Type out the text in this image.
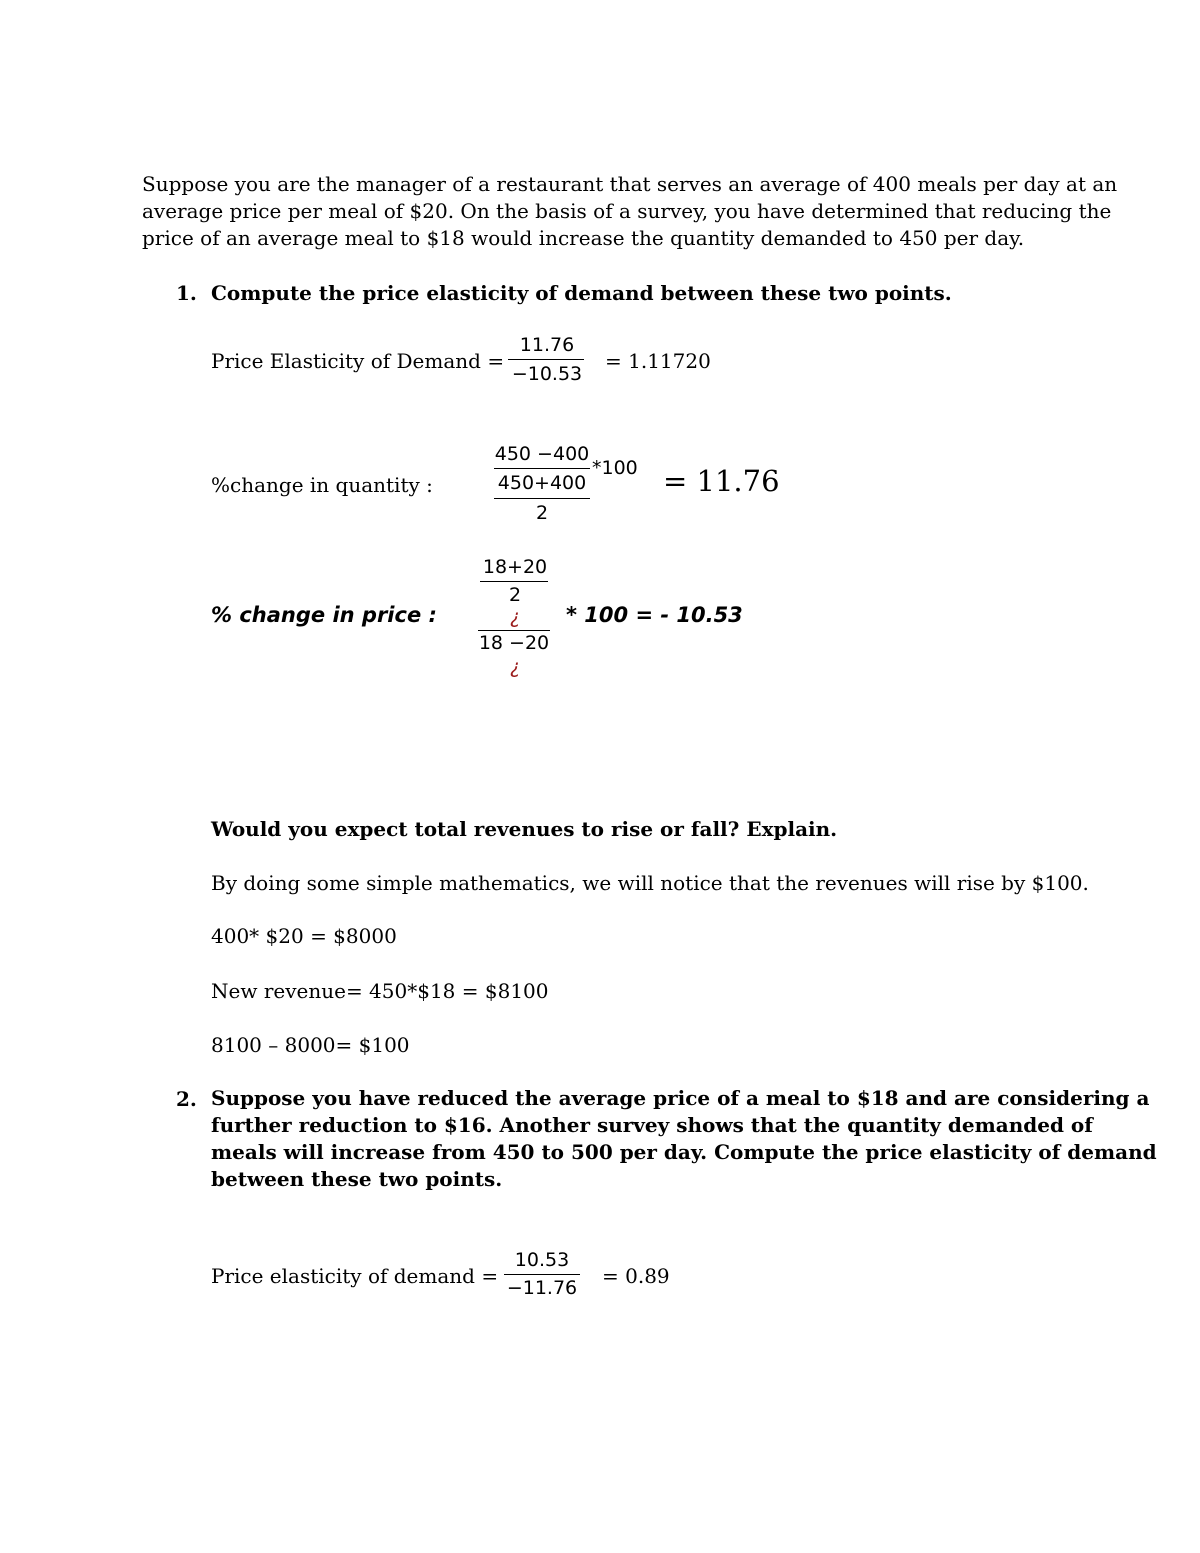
Suppose you are the manager of a restaurant that serves an average of 400 meals per day at an
average price per meal of $20. On the basis of a survey, you have determined that reducing the
price of an average meal to $18 would increase the quantity demanded to 450 per day.
1. Compute the price elasticity of demand between these two points.
Price Elasticity of Demand =
11.76
−10.53
= 1.11720
%change in quantity :
450 −400
450+400
2
*100 = 11.76
% change in price :
18+20
2
¿
18 −20
¿
* 100 = - 10.53
Would you expect total revenues to rise or fall? Explain.
By doing some simple mathematics, we will notice that the revenues will rise by $100.
400* $20 = $8000
New revenue= 450*$18 = $8100
8100 – 8000= $100
2. Suppose you have reduced the average price of a meal to $18 and are considering a
further reduction to $16. Another survey shows that the quantity demanded of
meals will increase from 450 to 500 per day. Compute the price elasticity of demand
between these two points.
Price elasticity of demand =
10.53
−11.76	= 0.89
